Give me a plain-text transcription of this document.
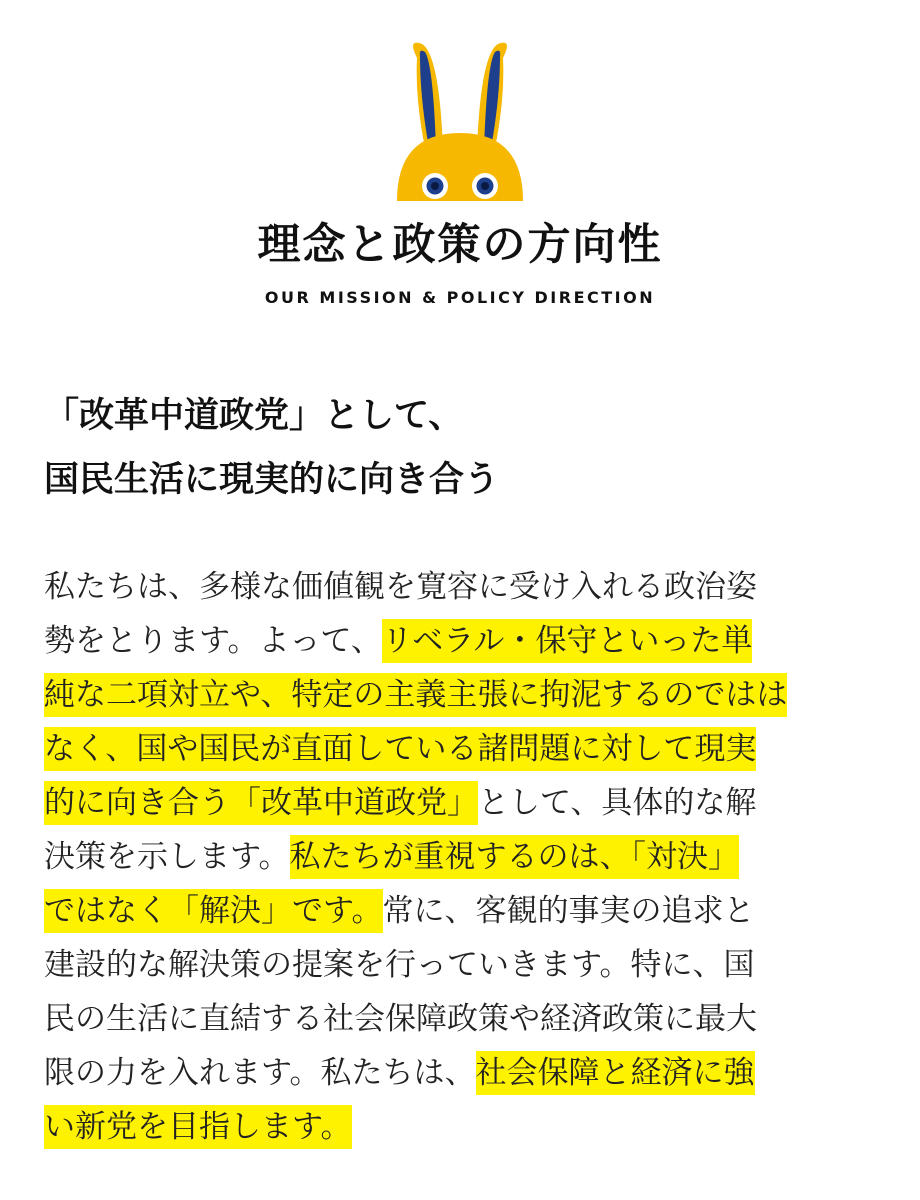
理念と政策の方向性
OUR MISSION & POLICY DIRECTION
「改革中道政党」として、
国民生活に現実的に向き合う
私たちは、多様な価値観を寛容に受け入れる政治姿
勢をとります。よって、リベラル・保守といった単
純な二項対立や、特定の主義主張に拘泥するのではは
なく、国や国民が直面している諸問題に対して現実
的に向き合う「改革中道政党」として、具体的な解
決策を示します。私たちが重視するのは、「対決」
ではなく「解決」です。常に、客観的事実の追求と
建設的な解決策の提案を行っていきます。特に、国
民の生活に直結する社会保障政策や経済政策に最大
限の力を入れます。私たちは、社会保障と経済に強
い新党を目指します。
